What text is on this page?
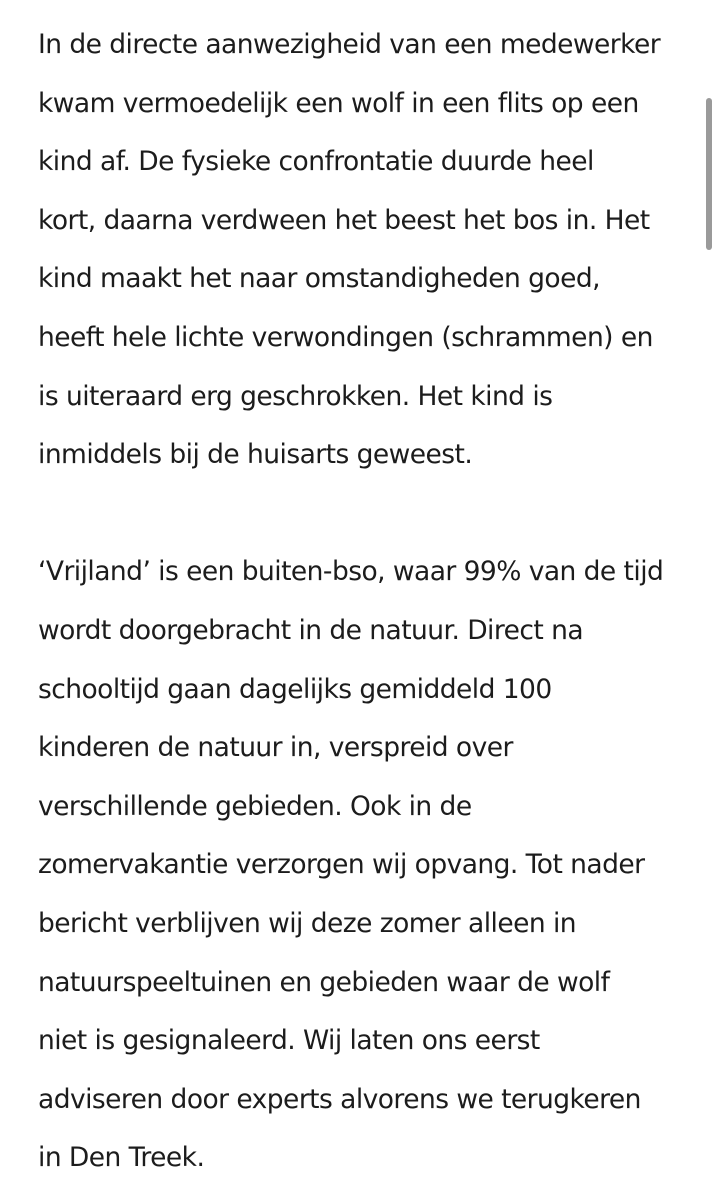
In de directe aanwezigheid van een medewerker
kwam vermoedelijk een wolf in een flits op een
kind af. De fysieke confrontatie duurde heel
kort, daarna verdween het beest het bos in. Het
kind maakt het naar omstandigheden goed,
heeft hele lichte verwondingen (schrammen) en
is uiteraard erg geschrokken. Het kind is
inmiddels bij de huisarts geweest.

‘Vrijland’ is een buiten-bso, waar 99% van de tijd
wordt doorgebracht in de natuur. Direct na
schooltijd gaan dagelijks gemiddeld 100
kinderen de natuur in, verspreid over
verschillende gebieden. Ook in de
zomervakantie verzorgen wij opvang. Tot nader
bericht verblijven wij deze zomer alleen in
natuurspeeltuinen en gebieden waar de wolf
niet is gesignaleerd. Wij laten ons eerst
adviseren door experts alvorens we terugkeren
in Den Treek.
